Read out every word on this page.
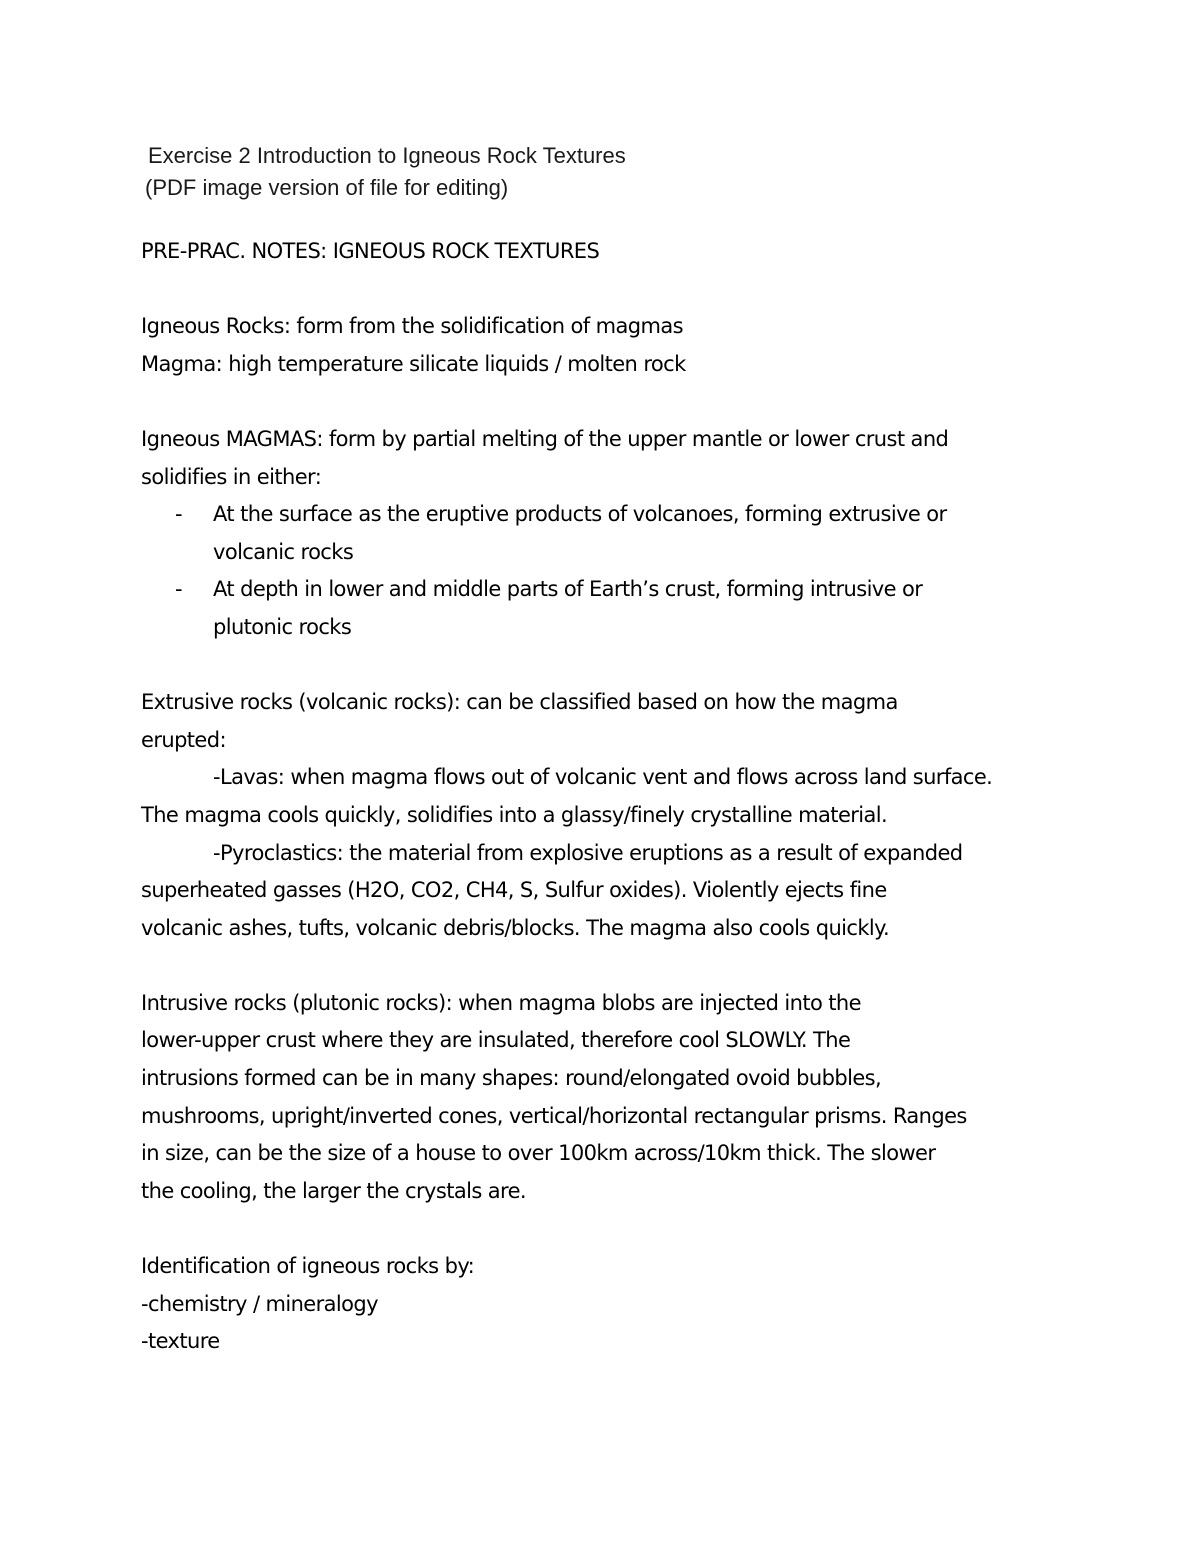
Exercise 2 Introduction to Igneous Rock Textures
(PDF image version of file for editing)
PRE-PRAC. NOTES: IGNEOUS ROCK TEXTURES
Igneous Rocks: form from the solidification of magmas
Magma: high temperature silicate liquids / molten rock
Igneous MAGMAS: form by partial melting of the upper mantle or lower crust and
solidifies in either:
- At the surface as the eruptive products of volcanoes, forming extrusive or
volcanic rocks
- At depth in lower and middle parts of Earth’s crust, forming intrusive or
plutonic rocks
Extrusive rocks (volcanic rocks): can be classified based on how the magma
erupted:
-Lavas: when magma flows out of volcanic vent and flows across land surface.
The magma cools quickly, solidifies into a glassy/finely crystalline material.
-Pyroclastics: the material from explosive eruptions as a result of expanded
superheated gasses (H2O, CO2, CH4, S, Sulfur oxides). Violently ejects fine
volcanic ashes, tufts, volcanic debris/blocks. The magma also cools quickly.
Intrusive rocks (plutonic rocks): when magma blobs are injected into the
lower-upper crust where they are insulated, therefore cool SLOWLY. The
intrusions formed can be in many shapes: round/elongated ovoid bubbles,
mushrooms, upright/inverted cones, vertical/horizontal rectangular prisms. Ranges
in size, can be the size of a house to over 100km across/10km thick. The slower
the cooling, the larger the crystals are.
Identification of igneous rocks by:
-chemistry / mineralogy
-texture
